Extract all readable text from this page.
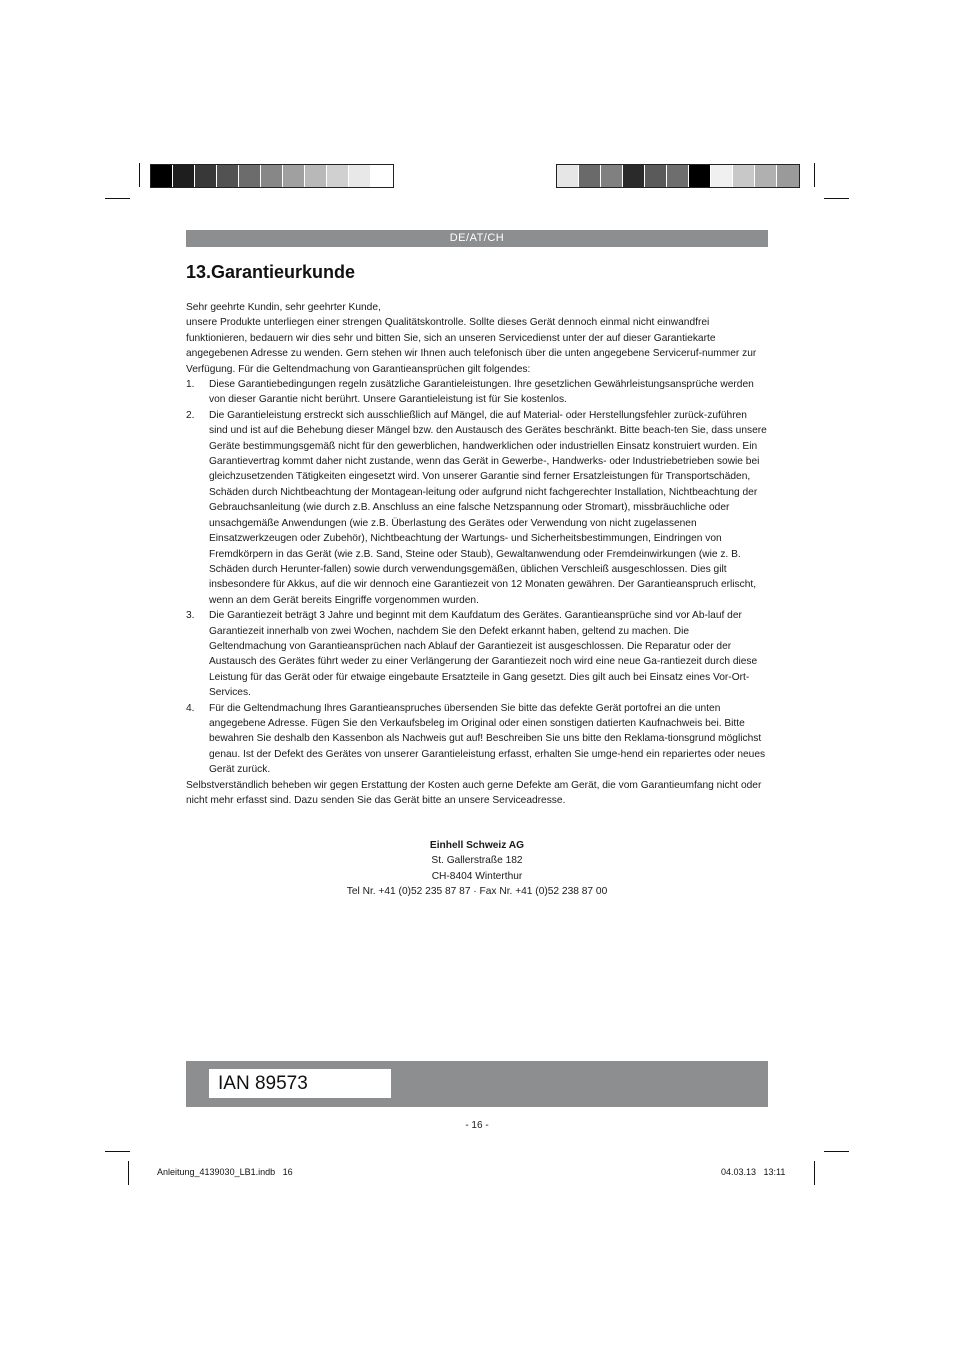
DE/AT/CH
13.Garantieurkunde

Sehr geehrte Kundin, sehr geehrter Kunde,

unsere Produkte unterliegen einer strengen Qualitätskontrolle. Sollte dieses Gerät dennoch einmal nicht einwandfrei funktionieren, bedauern wir dies sehr und bitten Sie, sich an unseren Servicedienst unter der auf dieser Garantiekarte angegebenen Adresse zu wenden. Gern stehen wir Ihnen auch telefonisch über die unten angegebene Serviceruf-nummer zur Verfügung. Für die Geltendmachung von Garantieansprüchen gilt folgendes:

1. Diese Garantiebedingungen regeln zusätzliche Garantieleistungen. Ihre gesetzlichen Gewährleistungsansprüche werden von dieser Garantie nicht berührt. Unsere Garantieleistung ist für Sie kostenlos.
2. Die Garantieleistung erstreckt sich ausschließlich auf Mängel, die auf Material- oder Herstellungsfehler zurück-zuführen sind und ist auf die Behebung dieser Mängel bzw. den Austausch des Gerätes beschränkt. Bitte beach-ten Sie, dass unsere Geräte bestimmungsgemäß nicht für den gewerblichen, handwerklichen oder industriellen Einsatz konstruiert wurden. Ein Garantievertrag kommt daher nicht zustande, wenn das Gerät in Gewerbe-, Handwerks- oder Industriebetrieben sowie bei gleichzusetzenden Tätigkeiten eingesetzt wird. Von unserer Garantie sind ferner Ersatzleistungen für Transportschäden, Schäden durch Nichtbeachtung der Montagean-leitung oder aufgrund nicht fachgerechter Installation, Nichtbeachtung der Gebrauchsanleitung (wie durch z.B. Anschluss an eine falsche Netzspannung oder Stromart), missbräuchliche oder unsachgemäße Anwendungen (wie z.B. Überlastung des Gerätes oder Verwendung von nicht zugelassenen Einsatzwerkzeugen oder Zubehör), Nichtbeachtung der Wartungs- und Sicherheitsbestimmungen, Eindringen von Fremdkörpern in das Gerät (wie z.B. Sand, Steine oder Staub), Gewaltanwendung oder Fremdeinwirkungen (wie z. B. Schäden durch Herunter-fallen) sowie durch verwendungsgemäßen, üblichen Verschleiß ausgeschlossen. Dies gilt insbesondere für Akkus, auf die wir dennoch eine Garantiezeit von 12 Monaten gewähren. Der Garantieanspruch erlischt, wenn an dem Gerät bereits Eingriffe vorgenommen wurden.
3. Die Garantiezeit beträgt 3 Jahre und beginnt mit dem Kaufdatum des Gerätes. Garantieansprüche sind vor Ab-lauf der Garantiezeit innerhalb von zwei Wochen, nachdem Sie den Defekt erkannt haben, geltend zu machen. Die Geltendmachung von Garantieansprüchen nach Ablauf der Garantiezeit ist ausgeschlossen. Die Reparatur oder der Austausch des Gerätes führt weder zu einer Verlängerung der Garantiezeit noch wird eine neue Ga-rantiezeit durch diese Leistung für das Gerät oder für etwaige eingebaute Ersatzteile in Gang gesetzt. Dies gilt auch bei Einsatz eines Vor-Ort-Services.
4. Für die Geltendmachung Ihres Garantieanspruches übersenden Sie bitte das defekte Gerät portofrei an die unten angegebene Adresse. Fügen Sie den Verkaufsbeleg im Original oder einen sonstigen datierten Kaufnachweis bei. Bitte bewahren Sie deshalb den Kassenbon als Nachweis gut auf! Beschreiben Sie uns bitte den Reklama-tionsgrund möglichst genau. Ist der Defekt des Gerätes von unserer Garantieleistung erfasst, erhalten Sie umge-hend ein repariertes oder neues Gerät zurück.

Selbstverständlich beheben wir gegen Erstattung der Kosten auch gerne Defekte am Gerät, die vom Garantieumfang nicht oder nicht mehr erfasst sind. Dazu senden Sie das Gerät bitte an unsere Serviceadresse.

Einhell Schweiz AG
St. Gallerstraße 182
CH-8404 Winterthur
Tel Nr. +41 (0)52 235 87 87 · Fax Nr. +41 (0)52 238 87 00
IAN 89573
- 16 -
Anleitung_4139030_LB1.indb   16	04.03.13   13:11
